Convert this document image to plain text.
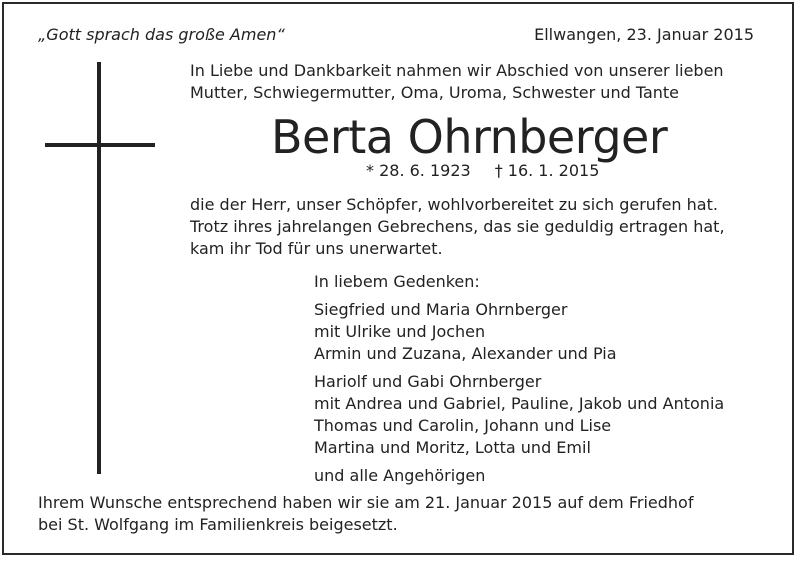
„Gott sprach das große Amen“	Ellwangen, 23. Januar 2015
In Liebe und Dankbarkeit nahmen wir Abschied von unserer lieben
Mutter, Schwiegermutter, Oma, Uroma, Schwester und Tante
Berta Ohrnberger
* 28. 6. 1923 † 16. 1. 2015
die der Herr, unser Schöpfer, wohlvorbereitet zu sich gerufen hat.
Trotz ihres jahrelangen Gebrechens, das sie geduldig ertragen hat,
kam ihr Tod für uns unerwartet.
In liebem Gedenken:
Siegfried und Maria Ohrnberger
mit Ulrike und Jochen
Armin und Zuzana, Alexander und Pia
Hariolf und Gabi Ohrnberger
mit Andrea und Gabriel, Pauline, Jakob und Antonia
Thomas und Carolin, Johann und Lise
Martina und Moritz, Lotta und Emil
und alle Angehörigen
Ihrem Wunsche entsprechend haben wir sie am 21. Januar 2015 auf dem Friedhof
bei St. Wolfgang im Familienkreis beigesetzt.
